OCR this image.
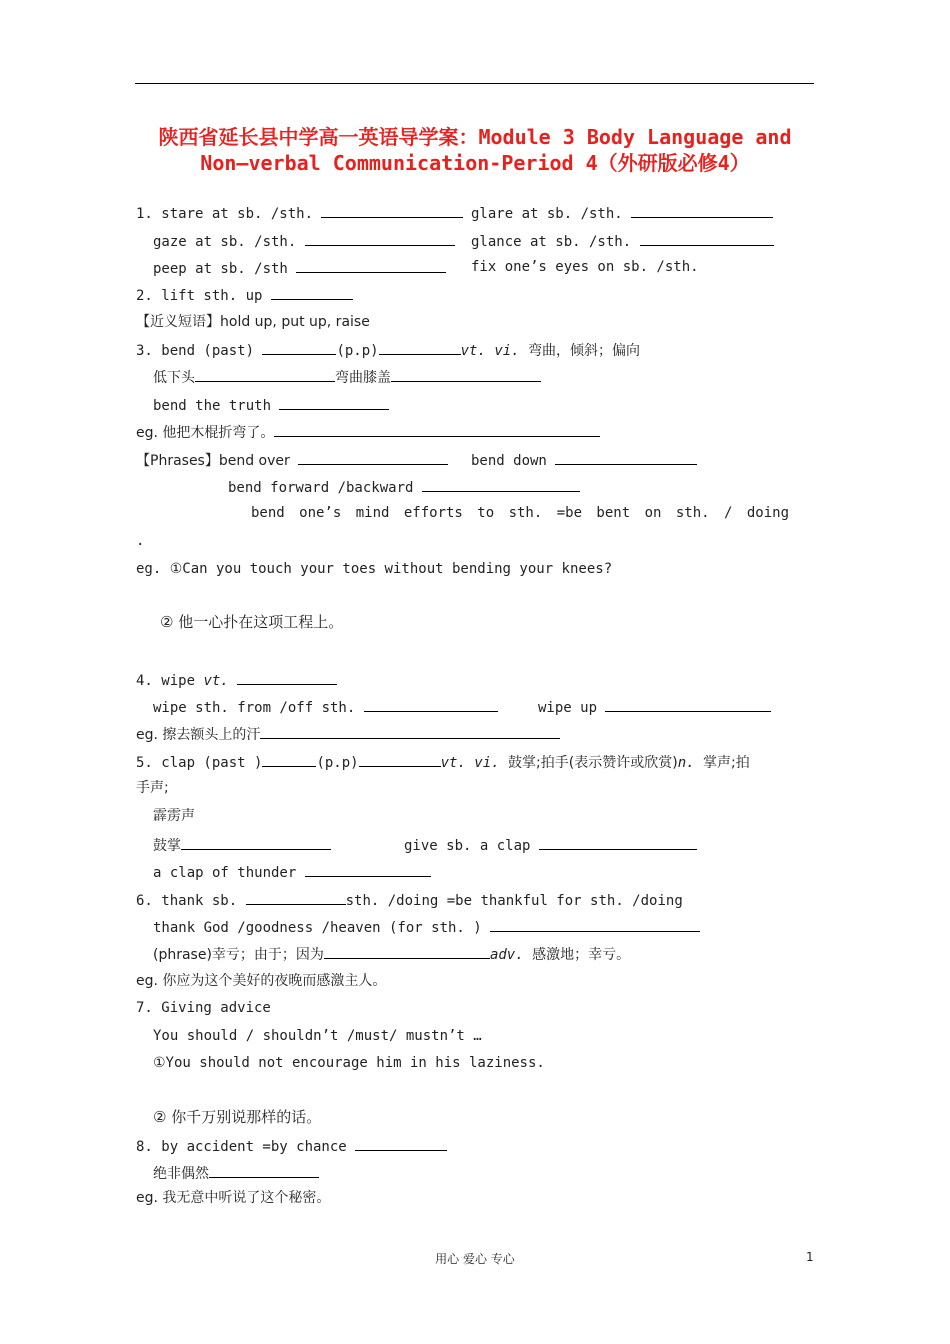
陕西省延长县中学高一英语导学案：Module 3 Body Language and
Non—verbal Communication-Period 4（外研版必修4）
1. stare at sb. /sth.	glare at sb. /sth.
gaze at sb. /sth.	glance at sb. /sth.
peep at sb. /sth	fix one’s eyes on sb. /sth.
2. lift sth. up
【近义短语】hold up, put up, raise
3. bend (past)	(p.p)	vt. vi. 弯曲，倾斜；偏向
低下头	弯曲膝盖
bend the truth
eg. 他把木棍折弯了。
【Phrases】bend over	bend down
bend forward /backward
bend one’s mind efforts to sth. =be bent on sth. / doing
.
eg. ①Can you touch your toes without bending your knees?
② 他一心扑在这项工程上。
4. wipe vt.
wipe sth. from /off sth.	wipe up
eg. 擦去额头上的汗
5. clap (past )	(p.p)	vt. vi. 鼓掌;拍手(表示赞许或欣赏)n. 掌声;拍
手声;
霹雳声
鼓掌	give sb. a clap
a clap of thunder
6. thank sb.	sth. /doing =be thankful for sth. /doing
thank God /goodness /heaven (for sth. )
(phrase)幸亏；由于；因为	adv. 感激地；幸亏。
eg. 你应为这个美好的夜晚而感激主人。
7. Giving advice
You should / shouldn’t /must/ mustn’t …
①You should not encourage him in his laziness.
② 你千万别说那样的话。
8. by accident =by chance
绝非偶然
eg. 我无意中听说了这个秘密。
用心 爱心 专心	1
